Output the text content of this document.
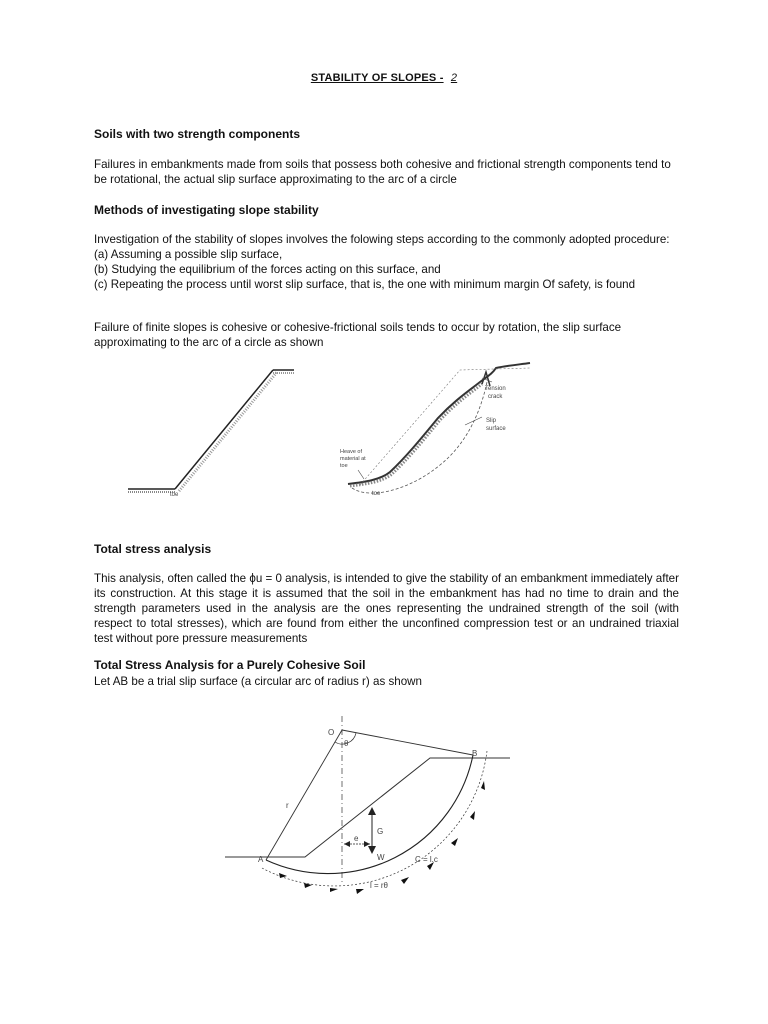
STABILITY OF SLOPES - 2
Soils with two strength components
Failures in embankments made from soils that possess both cohesive and frictional strength components tend to be rotational, the actual slip surface approximating to the arc of a circle
Methods of investigating slope stability
Investigation of the stability of slopes involves the folowing steps according to the commonly adopted procedure:
(a) Assuming a possible slip surface,
(b) Studying the equilibrium of the forces acting on this surface, and
(c) Repeating the process until worst slip surface, that is, the one with minimum margin Of safety, is found
Failure of finite slopes is cohesive or cohesive-frictional soils tends to occur by rotation, the slip surface approximating to the arc of a circle as shown
toe
Tension
crack
Slip
surface
Heave of
material at
toe
toe
Total stress analysis
This analysis, often called the ϕu = 0 analysis, is intended to give the stability of an embankment immediately after its construction. At this stage it is assumed that the soil in the embankment has had no time to drain and the strength parameters used in the analysis are the ones representing the undrained strength of the soil (with respect to total stresses), which are found from either the unconfined compression test or an undrained triaxial test without pore pressure measurements
Total Stress Analysis for a Purely Cohesive Soil
Let AB be a trial slip surface (a circular arc of radius r) as shown
O
θ
B
r
A
G
W
e
C = l.c
l = rθ
